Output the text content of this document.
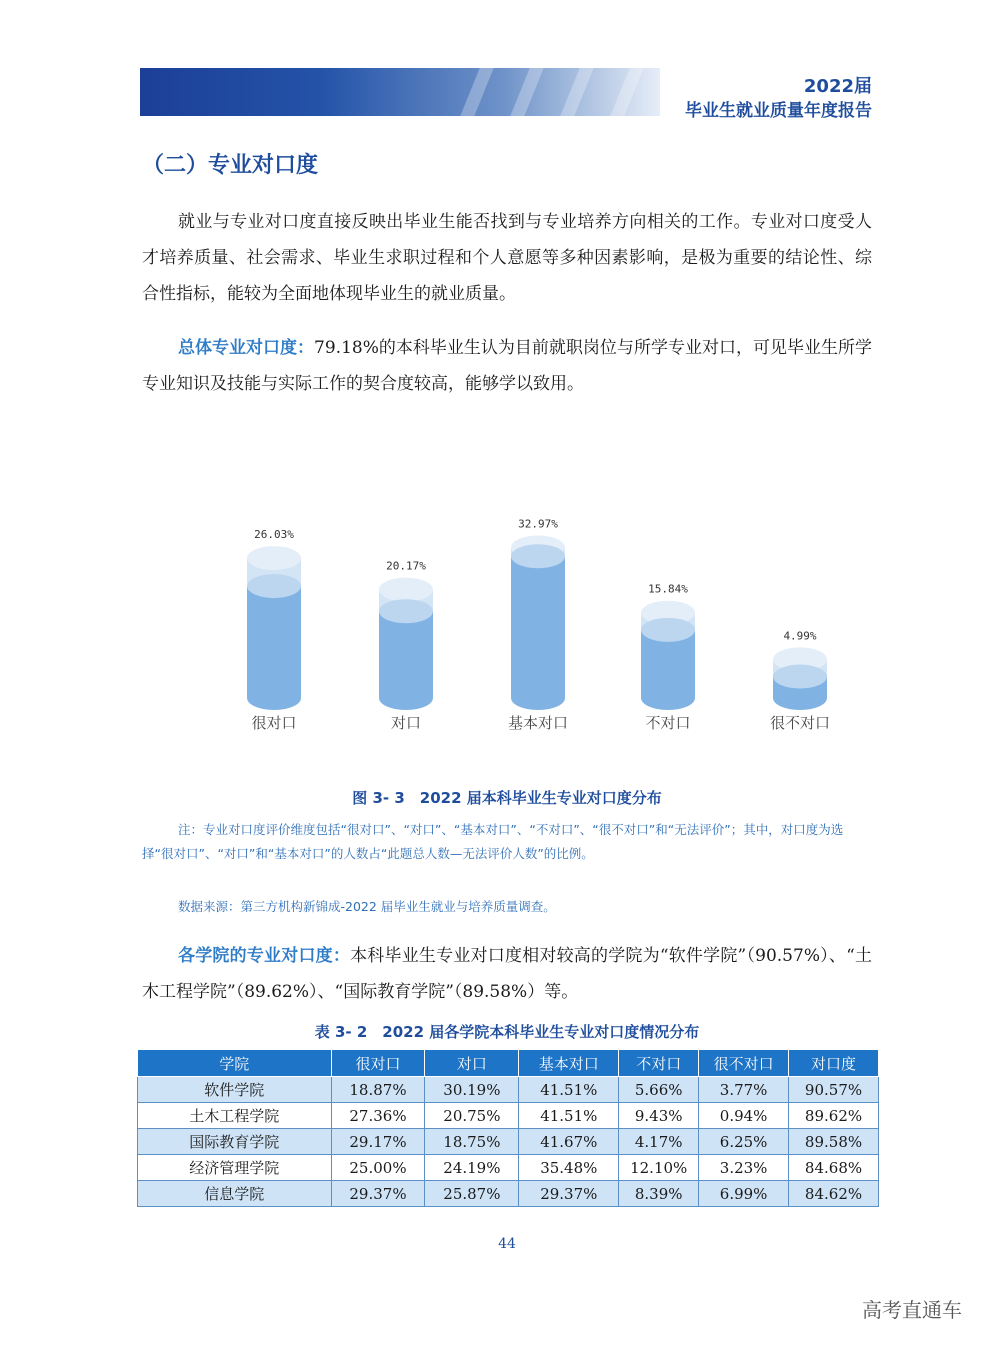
2022届
毕业生就业质量年度报告
（二）专业对口度
就业与专业对口度直接反映出毕业生能否找到与专业培养方向相关的工作。专业对口度受人才培养质量、社会需求、毕业生求职过程和个人意愿等多种因素影响，是极为重要的结论性、综合性指标，能较为全面地体现毕业生的就业质量。
总体专业对口度：79.18%的本科毕业生认为目前就职岗位与所学专业对口，可见毕业生所学专业知识及技能与实际工作的契合度较高，能够学以致用。
26.03%
很对口
20.17%
对口
32.97%
基本对口
15.84%
不对口
4.99%
很不对口
图 3- 3　2022 届本科毕业生专业对口度分布
注：专业对口度评价维度包括“很对口”、“对口”、“基本对口”、“不对口”、“很不对口”和“无法评价”；其中，对口度为选择“很对口”、“对口”和“基本对口”的人数占“此题总人数—无法评价人数”的比例。
数据来源：第三方机构新锦成-2022 届毕业生就业与培养质量调查。
各学院的专业对口度：本科毕业生专业对口度相对较高的学院为“软件学院”（90.57%）、“土木工程学院”（89.62%）、“国际教育学院”（89.58%）等。
表 3- 2　2022 届各学院本科毕业生专业对口度情况分布
学院	很对口	对口	基本对口	不对口	很不对口	对口度
软件学院	18.87%	30.19%	41.51%	5.66%	3.77%	90.57%
土木工程学院	27.36%	20.75%	41.51%	9.43%	0.94%	89.62%
国际教育学院	29.17%	18.75%	41.67%	4.17%	6.25%	89.58%
经济管理学院	25.00%	24.19%	35.48%	12.10%	3.23%	84.68%
信息学院	29.37%	25.87%	29.37%	8.39%	6.99%	84.62%
44
高考直通车
